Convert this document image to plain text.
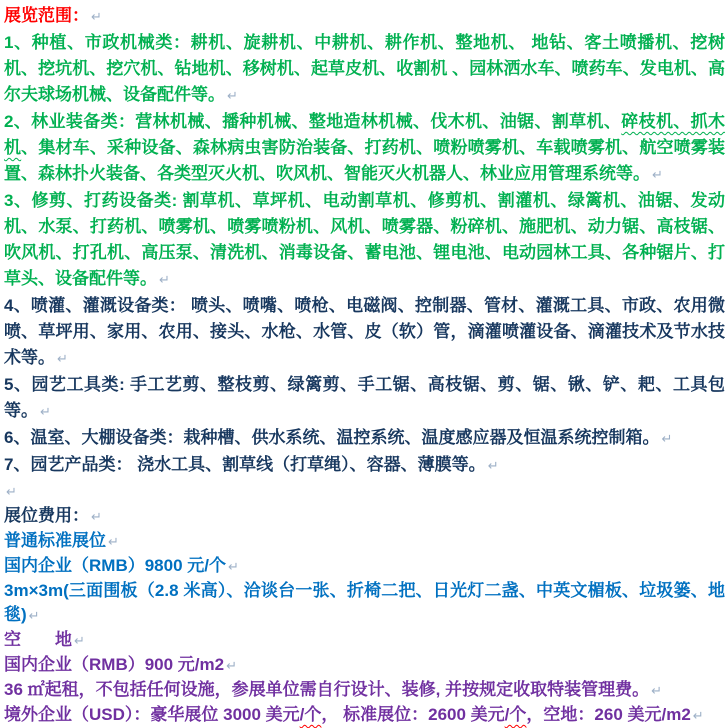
展览范围： ↵

1、种植、市政机械类：耕机、旋耕机、中耕机、耕作机、整地机、 地钻、客土喷播机、挖树机、挖坑机、挖穴机、钻地机、移树机、起草皮机、收割机 、园林洒水车、喷药车、发电机、高尔夫球场机械、设备配件等。 ↵

2、林业装备类：营林机械、播种机械、整地造林机械、伐木机、油锯、割草机、碎枝机、抓木机、集材车、采种设备、森林病虫害防治装备、打药机、喷粉喷雾机、车载喷雾机、航空喷雾装置、森林扑火装备、各类型灭火机、吹风机、智能灭火机器人、林业应用管理系统等。 ↵

3、修剪、打药设备类: 割草机、草坪机、电动割草机、修剪机、割灌机、绿篱机、油锯、发动机、水泵、打药机、喷雾机、喷雾喷粉机、风机、喷雾器、粉碎机、施肥机、动力锯、高枝锯、吹风机、打孔机、高压泵、清洗机、消毒设备、蓄电池、锂电池、电动园林工具、各种锯片、打草头、设备配件等。 ↵

4、喷灌、灌溉设备类： 喷头、喷嘴、喷枪、电磁阀、控制器、管材、灌溉工具、市政、农用微喷、草坪用、家用、农用、接头、水枪、水管、皮（软）管，滴灌喷灌设备、滴灌技术及节水技术等。 ↵

5、园艺工具类: 手工艺剪、整枝剪、绿篱剪、手工锯、高枝锯、剪、锯、锹、铲、耙、工具包等。 ↵

6、温室、大棚设备类：栽种槽、供水系统、温控系统、温度感应器及恒温系统控制箱。 ↵

7、园艺产品类： 浇水工具、割草线（打草绳）、容器、薄膜等。 ↵

↵

展位费用： ↵

普通标准展位 ↵

国内企业（RMB）9800 元/个 ↵

3m×3m(三面围板（2.8 米高）、洽谈台一张、折椅二把、日光灯二盏、中英文楣板、垃圾篓、地毯) ↵

空　　地 ↵

国内企业（RMB）900 元/m2 ↵

36 ㎡起租，不包括任何设施，参展单位需自行设计、装修, 并按规定收取特装管理费。 ↵

境外企业（USD）：豪华展位 3000 美元/个， 标准展位：2600 美元/个，空地：260 美元/m2 ↵
